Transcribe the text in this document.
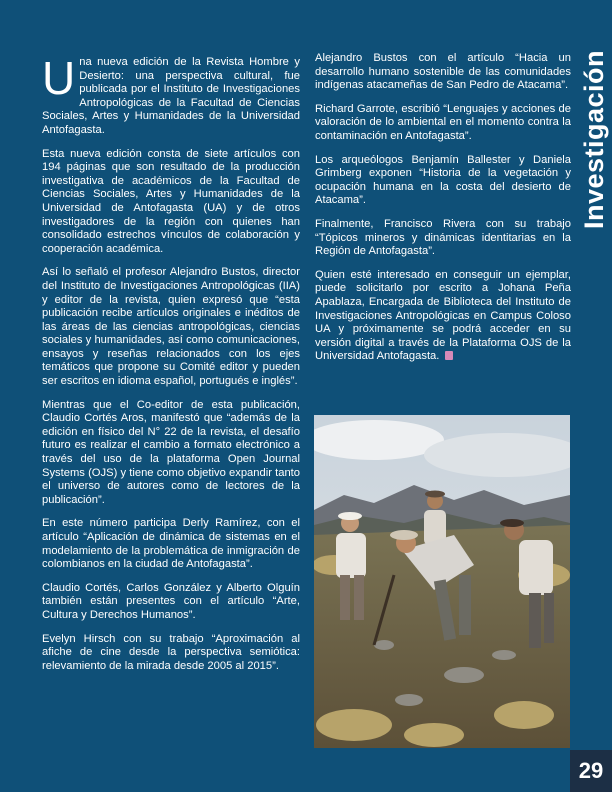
Investigación

Una nueva edición de la Revista Hombre y Desierto: una perspectiva cultural, fue publicada por el Instituto de Investigaciones Antropológicas de la Facultad de Ciencias Sociales, Artes y Humanidades de la Universidad Antofagasta.

Esta nueva edición consta de siete artículos con 194 páginas que son resultado de la producción investigativa de académicos de la Facultad de Ciencias Sociales, Artes y Humanidades de la Universidad de Antofagasta (UA) y de otros investigadores de la región con quienes han consolidado estrechos vínculos de colaboración y cooperación académica.

Así lo señaló el profesor Alejandro Bustos, director del Instituto de Investigaciones Antropológicas (IIA) y editor de la revista, quien expresó que “esta publicación recibe artículos originales e inéditos de las áreas de las ciencias antropológicas, ciencias sociales y humanidades, así como comunicaciones, ensayos y reseñas relacionados con los ejes temáticos que propone su Comité editor y pueden ser escritos en idioma español, portugués e inglés”.

Mientras que el Co-editor de esta publicación, Claudio Cortés Aros, manifestó que “además de la edición en físico del N° 22 de la revista, el desafío futuro es realizar el cambio a formato electrónico a través del uso de la plataforma Open Journal Systems (OJS) y tiene como objetivo expandir tanto el universo de autores como de lectores de la publicación”.

En este número participa Derly Ramírez, con el artículo “Aplicación de dinámica de sistemas en el modelamiento de la problemática de inmigración de colombianos en la ciudad de Antofagasta”.

Claudio Cortés, Carlos González y Alberto Olguín también están presentes con el artículo “Arte, Cultura y Derechos Humanos”.

Evelyn Hirsch con su trabajo “Aproximación al afiche de cine desde la perspectiva semiótica: relevamiento de la mirada desde 2005 al 2015”.

Alejandro Bustos con el artículo “Hacia un desarrollo humano sostenible de las comunidades indígenas atacameñas de San Pedro de Atacama”.

Richard Garrote, escribió “Lenguajes y acciones de valoración de lo ambiental en el momento contra la contaminación en Antofagasta”.

Los arqueólogos Benjamín Ballester y Daniela Grimberg exponen “Historia de la vegetación y ocupación humana en la costa del desierto de Atacama”.

Finalmente, Francisco Rivera con su trabajo “Tópicos mineros y dinámicas identitarias en la Región de Antofagasta”.

Quien esté interesado en conseguir un ejemplar, puede solicitarlo por escrito a Johana Peña Apablaza, Encargada de Biblioteca del Instituto de Investigaciones Antropológicas en Campus Coloso UA y próximamente se podrá acceder en su versión digital a través de la Plataforma OJS de la Universidad Antofagasta.

29
